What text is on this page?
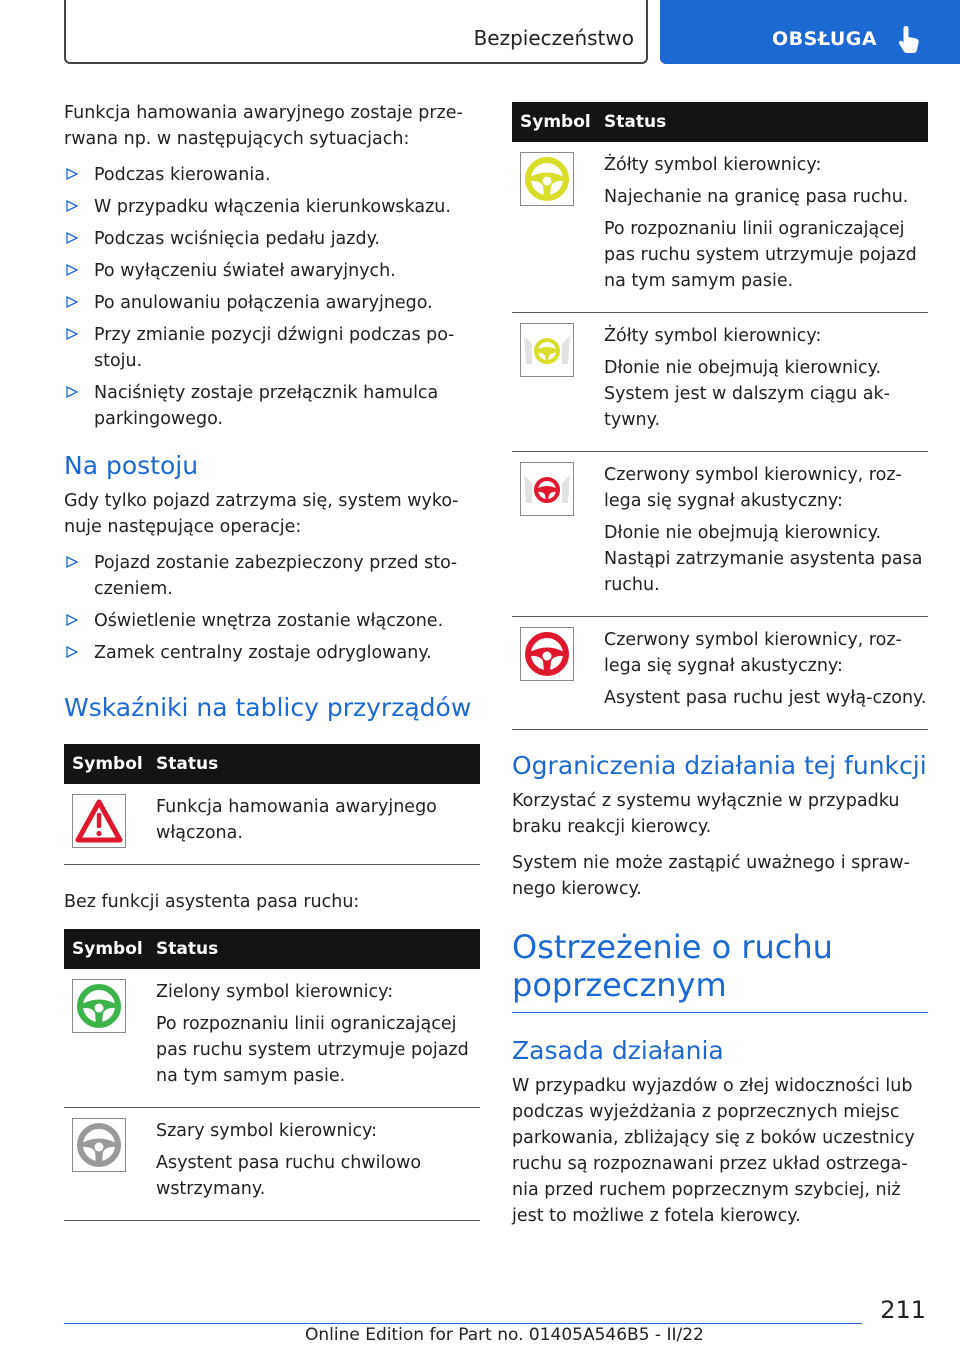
Bezpieczeństwo	OBSŁUGA

Funkcja hamowania awaryjnego zostaje prze‐rwana np. w następujących sytuacjach:

Podczas kierowania.
W przypadku włączenia kierunkowskazu.
Podczas wciśnięcia pedału jazdy.
Po wyłączeniu świateł awaryjnych.
Po anulowaniu połączenia awaryjnego.
Przy zmianie pozycji dźwigni podczas po‐stoju.
Naciśnięty zostaje przełącznik hamulca parkingowego.
Na postoju

Gdy tylko pojazd zatrzyma się, system wyko‐nuje następujące operacje:

Pojazd zostanie zabezpieczony przed sto‐czeniem.
Oświetlenie wnętrza zostanie włączone.
Zamek centralny zostaje odryglowany.
Wskaźniki na tablicy przyrządów
Symbol	Status

Funkcja hamowania awaryjnego włączona.

Bez funkcji asystenta pasa ruchu:

Symbol	Status

Zielony symbol kierownicy:

Po rozpoznaniu linii ograniczającej pas ruchu system utrzymuje pojazd na tym samym pasie.

Szary symbol kierownicy:

Asystent pasa ruchu chwilowo wstrzymany.

Symbol	Status

Żółty symbol kierownicy:

Najechanie na granicę pasa ruchu.

Po rozpoznaniu linii ograniczającej pas ruchu system utrzymuje pojazd na tym samym pasie.

Żółty symbol kierownicy:

Dłonie nie obejmują kierownicy. System jest w dalszym ciągu ak‐tywny.

Czerwony symbol kierownicy, roz‐lega się sygnał akustyczny:

Dłonie nie obejmują kierownicy. Nastąpi zatrzymanie asystenta pasa ruchu.

Czerwony symbol kierownicy, roz‐lega się sygnał akustyczny:

Asystent pasa ruchu jest wyłą‐czony.

Ograniczenia działania tej funkcji

Korzystać z systemu wyłącznie w przypadku braku reakcji kierowcy.

System nie może zastąpić uważnego i spraw‐nego kierowcy.

Ostrzeżenie o ruchu poprzecznym
Zasada działania

W przypadku wyjazdów o złej widoczności lub podczas wyjeżdżania z poprzecznych miejsc parkowania, zbliżający się z boków uczestnicy ruchu są rozpoznawani przez układ ostrzega‐nia przed ruchem poprzecznym szybciej, niż jest to możliwe z fotela kierowcy.

211
Online Edition for Part no. 01405A546B5 - II/22
